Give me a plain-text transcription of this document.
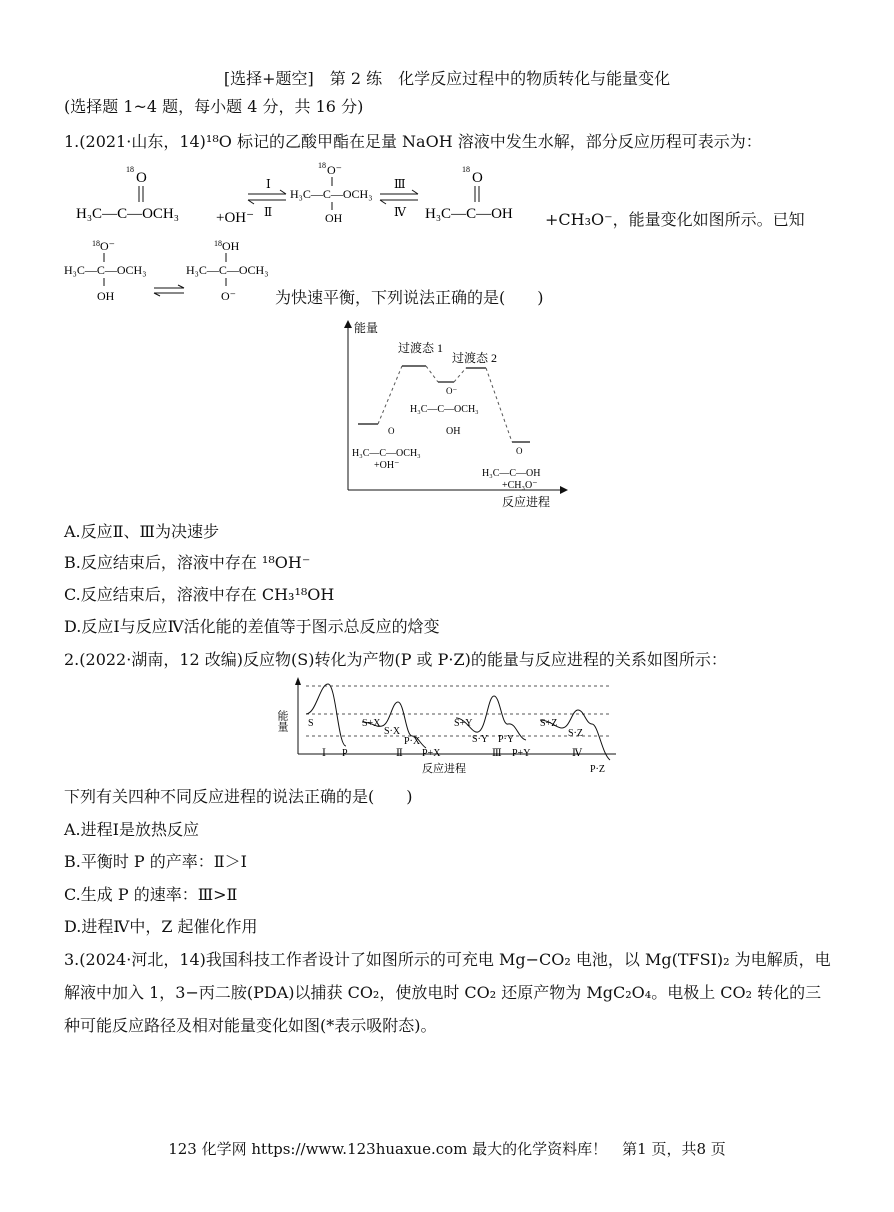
[选择+题空]　第 2 练　化学反应过程中的物质转化与能量变化
(选择题 1~4 题，每小题 4 分，共 16 分)
1.(2021·山东，14)¹⁸O 标记的乙酸甲酯在足量 NaOH 溶液中发生水解，部分反应历程可表示为：
18
O
H₃C—C—OCH₃ +OH⁻
Ⅰ
Ⅱ
18 O⁻
H₃C—C—OCH₃
OH
Ⅲ
Ⅳ
18
O
H₃C—C—OH +CH₃O⁻，能量变化如图所示。已知
18 O⁻
H₃C—C—OCH₃
OH
18 OH
H₃C—C—OCH₃
O⁻ 为快速平衡，下列说法正确的是(　　)
能量
反应进程
过渡态 1
过渡态 2
O⁻
H₃C—C—OCH₃
OH
O
H₃C—C—OCH₃
+OH⁻
O
H₃C—C—OH
+CH₃O⁻
A.反应Ⅱ、Ⅲ为决速步
B.反应结束后，溶液中存在 ¹⁸OH⁻
C.反应结束后，溶液中存在 CH₃¹⁸OH
D.反应Ⅰ与反应Ⅳ活化能的差值等于图示总反应的焓变
2.(2022·湖南，12 改编)反应物(S)转化为产物(P 或 P·Z)的能量与反应进程的关系如图所示：
能量
反应进程
S
P
S+X
S·X
P·X
P+X
S+Y
S·Y P·Y
P+Y
S+Z
S·Z
P·Z
Ⅰ	Ⅱ	Ⅲ	Ⅳ
下列有关四种不同反应进程的说法正确的是(　　)
A.进程Ⅰ是放热反应
B.平衡时 P 的产率：Ⅱ＞Ⅰ
C.生成 P 的速率：Ⅲ>Ⅱ
D.进程Ⅳ中，Z 起催化作用
3.(2024·河北，14)我国科技工作者设计了如图所示的可充电 Mg−CO₂ 电池，以 Mg(TFSI)₂ 为电解质，电
解液中加入 1，3−丙二胺(PDA)以捕获 CO₂，使放电时 CO₂ 还原产物为 MgC₂O₄。电极上 CO₂ 转化的三
种可能反应路径及相对能量变化如图(*表示吸附态)。
123 化学网 https://www.123huaxue.com 最大的化学资料库！　第1 页，共8 页
